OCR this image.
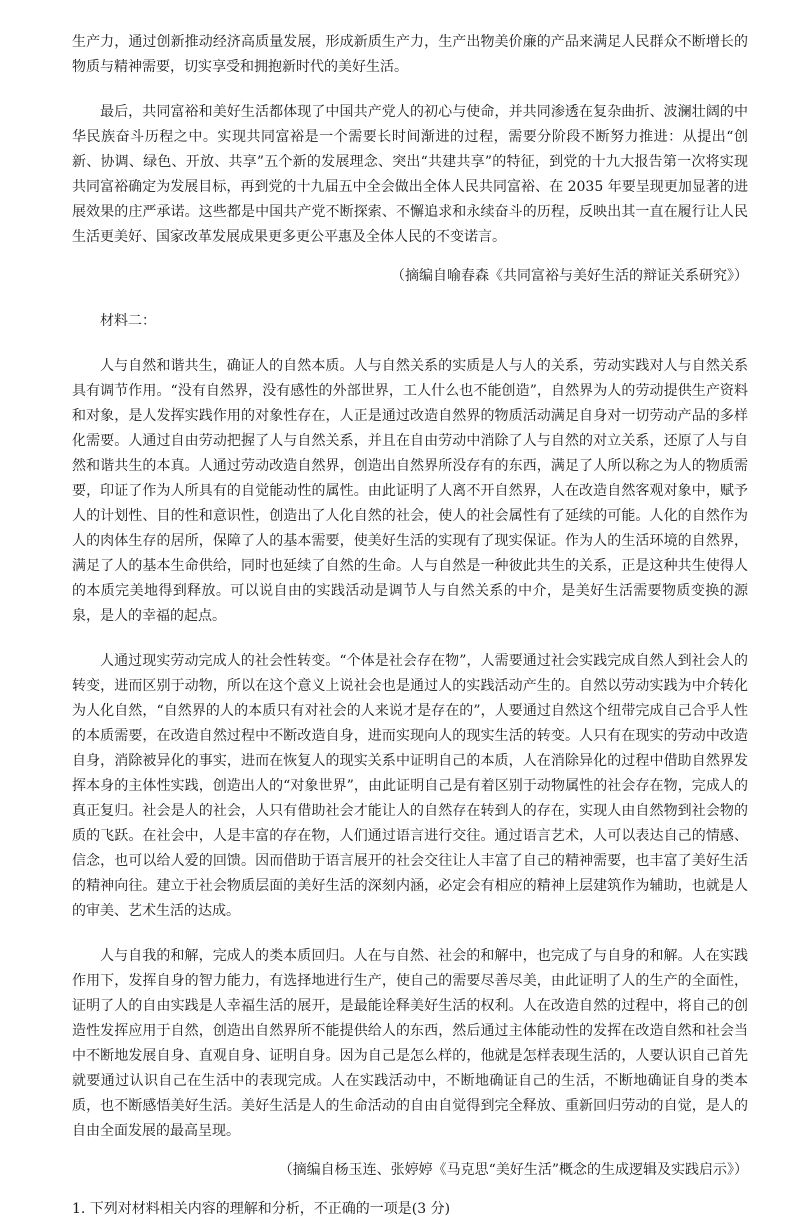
生产力，通过创新推动经济高质量发展，形成新质生产力，生产出物美价廉的产品来满足人民群众不断增长的物质与精神需要，切实享受和拥抱新时代的美好生活。

最后，共同富裕和美好生活都体现了中国共产党人的初心与使命，并共同渗透在复杂曲折、波澜壮阔的中华民族奋斗历程之中。实现共同富裕是一个需要长时间渐进的过程，需要分阶段不断努力推进：从提出“创新、协调、绿色、开放、共享”五个新的发展理念、突出“共建共享”的特征，到党的十九大报告第一次将实现共同富裕确定为发展目标，再到党的十九届五中全会做出全体人民共同富裕、在 2035 年要呈现更加显著的进展效果的庄严承诺。这些都是中国共产党不断探索、不懈追求和永续奋斗的历程，反映出其一直在履行让人民生活更美好、国家改革发展成果更多更公平惠及全体人民的不变诺言。

（摘编自喻春森《共同富裕与美好生活的辩证关系研究》）

材料二：

人与自然和谐共生，确证人的自然本质。人与自然关系的实质是人与人的关系，劳动实践对人与自然关系具有调节作用。“没有自然界，没有感性的外部世界，工人什么也不能创造”，自然界为人的劳动提供生产资料和对象，是人发挥实践作用的对象性存在，人正是通过改造自然界的物质活动满足自身对一切劳动产品的多样化需要。人通过自由劳动把握了人与自然关系，并且在自由劳动中消除了人与自然的对立关系，还原了人与自然和谐共生的本真。人通过劳动改造自然界，创造出自然界所没存有的东西，满足了人所以称之为人的物质需要，印证了作为人所具有的自觉能动性的属性。由此证明了人离不开自然界，人在改造自然客观对象中，赋予人的计划性、目的性和意识性，创造出了人化自然的社会，使人的社会属性有了延续的可能。人化的自然作为人的肉体生存的居所，保障了人的基本需要，使美好生活的实现有了现实保证。作为人的生活环境的自然界，满足了人的基本生命供给，同时也延续了自然的生命。人与自然是一种彼此共生的关系，正是这种共生使得人的本质完美地得到释放。可以说自由的实践活动是调节人与自然关系的中介，是美好生活需要物质变换的源泉，是人的幸福的起点。

人通过现实劳动完成人的社会性转变。“个体是社会存在物”，人需要通过社会实践完成自然人到社会人的转变，进而区别于动物，所以在这个意义上说社会也是通过人的实践活动产生的。自然以劳动实践为中介转化为人化自然，“自然界的人的本质只有对社会的人来说才是存在的”，人要通过自然这个纽带完成自己合乎人性的本质需要，在改造自然过程中不断改造自身，进而实现向人的现实生活的转变。人只有在现实的劳动中改造自身，消除被异化的事实，进而在恢复人的现实关系中证明自己的本质，人在消除异化的过程中借助自然界发挥本身的主体性实践，创造出人的“对象世界”，由此证明自己是有着区别于动物属性的社会存在物，完成人的真正复归。社会是人的社会，人只有借助社会才能让人的自然存在转到人的存在，实现人由自然物到社会物的质的飞跃。在社会中，人是丰富的存在物，人们通过语言进行交往。通过语言艺术，人可以表达自己的情感、信念，也可以给人爱的回馈。因而借助于语言展开的社会交往让人丰富了自己的精神需要，也丰富了美好生活的精神向往。建立于社会物质层面的美好生活的深刻内涵，必定会有相应的精神上层建筑作为辅助，也就是人的审美、艺术生活的达成。

人与自我的和解，完成人的类本质回归。人在与自然、社会的和解中，也完成了与自身的和解。人在实践作用下，发挥自身的智力能力，有选择地进行生产，使自己的需要尽善尽美，由此证明了人的生产的全面性，证明了人的自由实践是人幸福生活的展开，是最能诠释美好生活的权利。人在改造自然的过程中，将自己的创造性发挥应用于自然，创造出自然界所不能提供给人的东西，然后通过主体能动性的发挥在改造自然和社会当中不断地发展自身、直观自身、证明自身。因为自己是怎么样的，他就是怎样表现生活的，人要认识自己首先就要通过认识自己在生活中的表现完成。人在实践活动中，不断地确证自己的生活，不断地确证自身的类本质，也不断感悟美好生活。美好生活是人的生命活动的自由自觉得到完全释放、重新回归劳动的自觉，是人的自由全面发展的最高呈现。

（摘编自杨玉连、张婷婷《马克思“美好生活”概念的生成逻辑及实践启示》）

1. 下列对材料相关内容的理解和分析，不正确的一项是(3 分)
